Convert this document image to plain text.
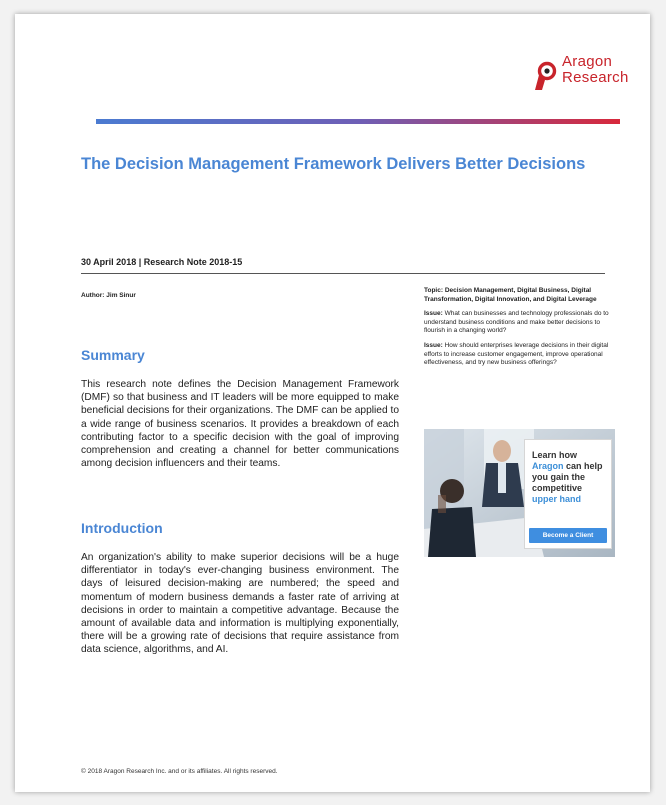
Aragon
Research
The Decision Management Framework Delivers Better Decisions
30 April 2018 | Research Note 2018-15
Author: Jim Sinur

Topic: Decision Management, Digital Business, Digital Transformation, Digital Innovation, and Digital Leverage

Issue: What can businesses and technology professionals do to understand business conditions and make better decisions to flourish in a changing world?

Issue: How should enterprises leverage decisions in their digital efforts to increase customer engagement, improve operational effectiveness, and try new business offerings?

Summary
This research note defines the Decision Management Framework (DMF) so that business and IT leaders will be more equipped to make beneficial decisions for their organizations. The DMF can be applied to a wide range of business scenarios. It provides a breakdown of each contributing factor to a specific decision with the goal of improving comprehension and creating a channel for better communications among decision influencers and their teams.
Introduction
An organization's ability to make superior decisions will be a huge differentiator in today's ever-changing business environment. The days of leisured decision-making are numbered; the speed and momentum of modern business demands a faster rate of arriving at decisions in order to maintain a competitive advantage. Because the amount of available data and information is multiplying exponentially, there will be a growing rate of decisions that require assistance from data science, algorithms, and AI.
Learn how Aragon can help you gain the competitive upper hand
Become a Client
© 2018 Aragon Research Inc. and or its affiliates. All rights reserved.
